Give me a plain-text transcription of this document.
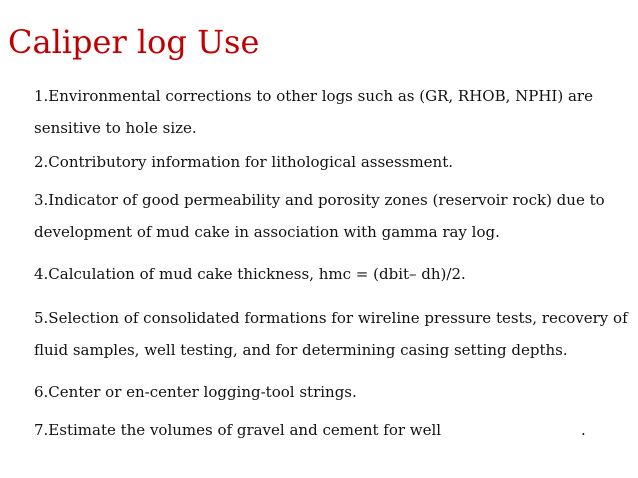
Caliper log Use

1.Environmental corrections to other logs such as (GR, RHOB, NPHI) are
sensitive to hole size.

2.Contributory information for lithological assessment.

3.Indicator of good permeability and porosity zones (reservoir rock) due to
development of mud cake in association with gamma ray log.

4.Calculation of mud cake thickness, hmc = (dbit– dh)/2.

5.Selection of consolidated formations for wireline pressure tests, recovery of
fluid samples, well testing, and for determining casing setting depths.

6.Center or en-center logging-tool strings.

7.Estimate the volumes of gravel and cement for well	.
